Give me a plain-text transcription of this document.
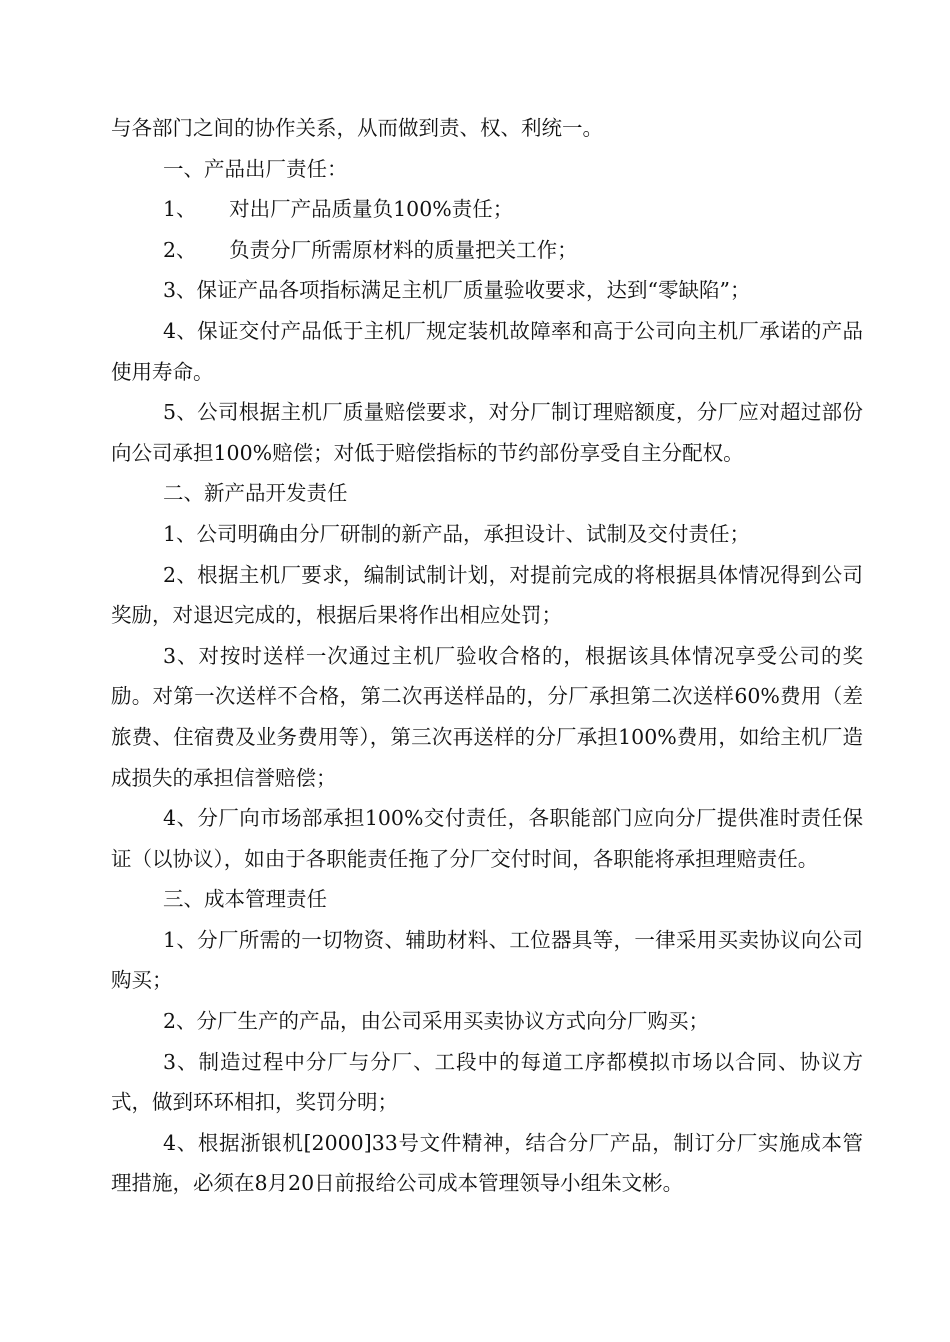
与各部门之间的协作关系，从而做到责、权、利统一。

一、产品出厂责任：

1、     对出厂产品质量负100%责任；

2、     负责分厂所需原材料的质量把关工作；

3、保证产品各项指标满足主机厂质量验收要求，达到“零缺陷”；

4、保证交付产品低于主机厂规定装机故障率和高于公司向主机厂承诺的产品使用寿命。

5、公司根据主机厂质量赔偿要求，对分厂制订理赔额度，分厂应对超过部份向公司承担100%赔偿；对低于赔偿指标的节约部份享受自主分配权。

二、新产品开发责任

1、公司明确由分厂研制的新产品，承担设计、试制及交付责任；

2、根据主机厂要求，编制试制计划，对提前完成的将根据具体情况得到公司奖励，对退迟完成的，根据后果将作出相应处罚；

3、对按时送样一次通过主机厂验收合格的，根据该具体情况享受公司的奖励。对第一次送样不合格，第二次再送样品的，分厂承担第二次送样60%费用（差旅费、住宿费及业务费用等），第三次再送样的分厂承担100%费用，如给主机厂造成损失的承担信誉赔偿；

4、分厂向市场部承担100%交付责任，各职能部门应向分厂提供准时责任保证（以协议），如由于各职能责任拖了分厂交付时间，各职能将承担理赔责任。

三、成本管理责任

1、分厂所需的一切物资、辅助材料、工位器具等，一律采用买卖协议向公司购买；

2、分厂生产的产品，由公司采用买卖协议方式向分厂购买；

3、制造过程中分厂与分厂、工段中的每道工序都模拟市场以合同、协议方式，做到环环相扣，奖罚分明；

4、根据浙银机[2000]33号文件精神，结合分厂产品，制订分厂实施成本管理措施，必须在8月20日前报给公司成本管理领导小组朱文彬。
